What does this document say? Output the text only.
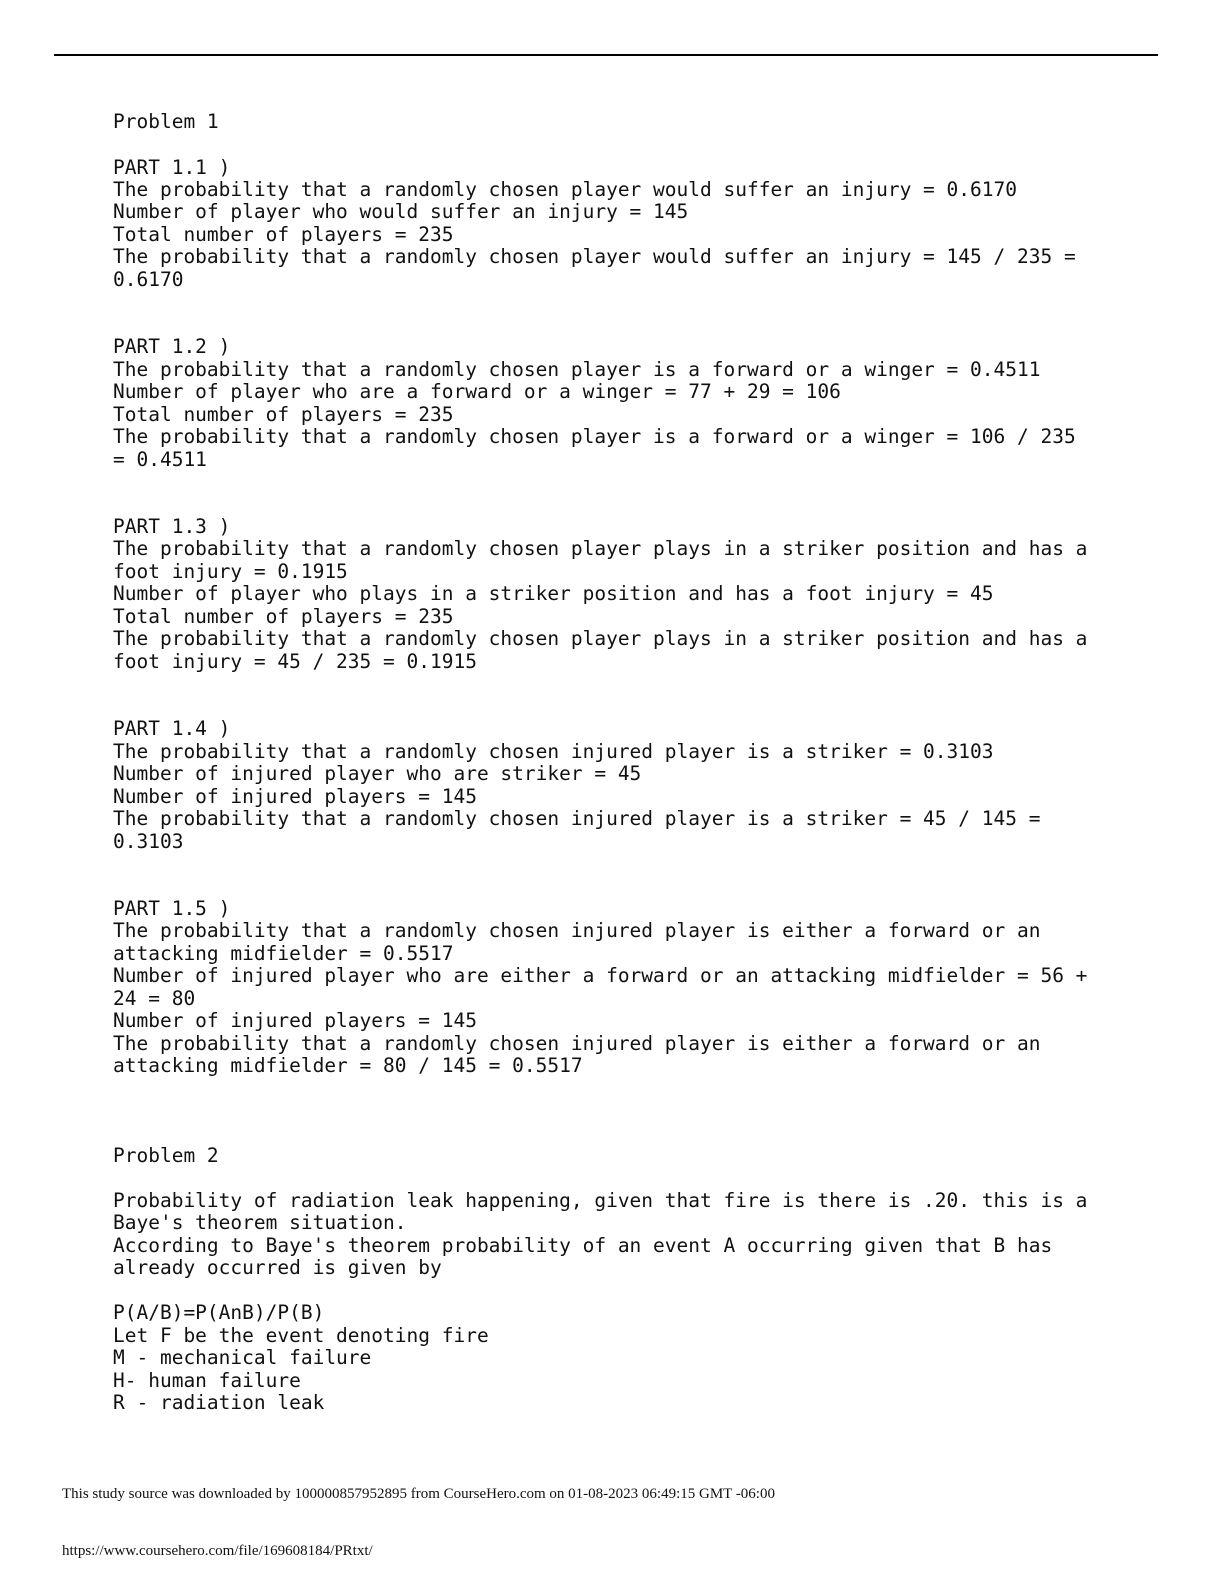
Problem 1
PART 1.1 )
The probability that a randomly chosen player would suffer an injury = 0.6170
Number of player who would suffer an injury = 145
Total number of players = 235
The probability that a randomly chosen player would suffer an injury = 145 / 235 =
0.6170
PART 1.2 )
The probability that a randomly chosen player is a forward or a winger = 0.4511
Number of player who are a forward or a winger = 77 + 29 = 106
Total number of players = 235
The probability that a randomly chosen player is a forward or a winger = 106 / 235
= 0.4511
PART 1.3 )
The probability that a randomly chosen player plays in a striker position and has a
foot injury = 0.1915
Number of player who plays in a striker position and has a foot injury = 45
Total number of players = 235
The probability that a randomly chosen player plays in a striker position and has a
foot injury = 45 / 235 = 0.1915
PART 1.4 )
The probability that a randomly chosen injured player is a striker = 0.3103
Number of injured player who are striker = 45
Number of injured players = 145
The probability that a randomly chosen injured player is a striker = 45 / 145 =
0.3103
PART 1.5 )
The probability that a randomly chosen injured player is either a forward or an
attacking midfielder = 0.5517
Number of injured player who are either a forward or an attacking midfielder = 56 +
24 = 80
Number of injured players = 145
The probability that a randomly chosen injured player is either a forward or an
attacking midfielder = 80 / 145 = 0.5517
Problem 2
Probability of radiation leak happening, given that fire is there is .20. this is a
Baye's theorem situation.
According to Baye's theorem probability of an event A occurring given that B has
already occurred is given by
P(A/B)=P(AnB)/P(B)
Let F be the event denoting fire
M - mechanical failure
H- human failure
R - radiation leak
This study source was downloaded by 100000857952895 from CourseHero.com on 01-08-2023 06:49:15 GMT -06:00
https://www.coursehero.com/file/169608184/PRtxt/
